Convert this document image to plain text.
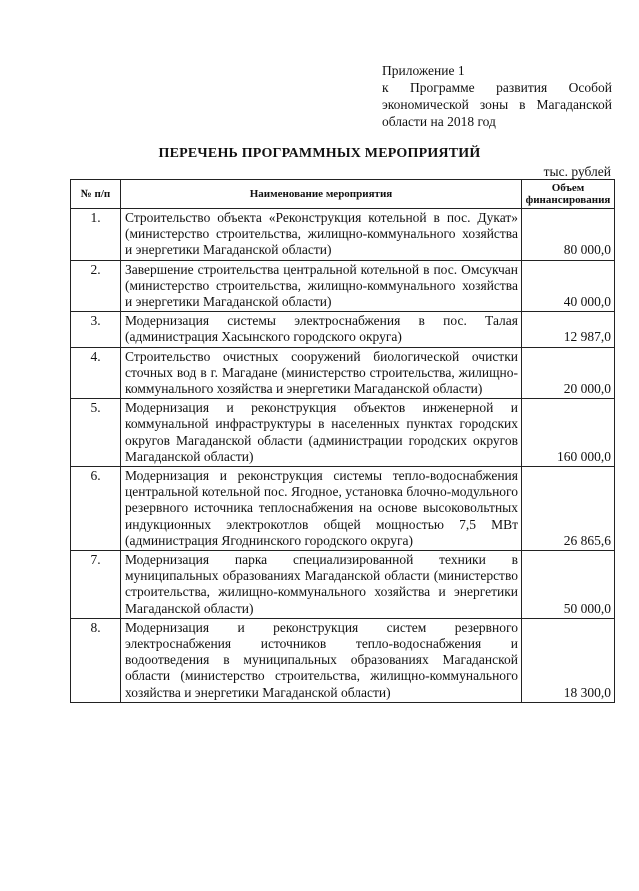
Приложение 1
к Программе развития Особой
экономической зоны в Магаданской
области на 2018 год
ПЕРЕЧЕНЬ ПРОГРАММНЫХ МЕРОПРИЯТИЙ
тыс. рублей
№ п/п	Наименование мероприятия	Объем финансирования
1.	Строительство объекта «Реконструкция котельной в пос. Дукат» (министерство строительства, жилищно-коммунального хозяйства и энергетики Магаданской области)	80 000,0
2.	Завершение строительства центральной котельной в пос. Омсукчан (министерство строительства, жилищно-коммунального хозяйства и энергетики Магаданской области)	40 000,0
3.	Модернизация системы электроснабжения в пос. Талая (администрация Хасынского городского округа)	12 987,0
4.	Строительство очистных сооружений биологической очистки сточных вод в г. Магадане (министерство строительства, жилищно-коммунального хозяйства и энергетики Магаданской области)	20 000,0
5.	Модернизация и реконструкция объектов инженерной и коммунальной инфраструктуры в населенных пунктах городских округов Магаданской области (администрации городских округов Магаданской области)	160 000,0
6.	Модернизация и реконструкция системы тепло-водоснабжения центральной котельной пос. Ягодное, установка блочно-модульного резервного источника теплоснабжения на основе высоковольтных индукционных электрокотлов общей мощностью 7,5 МВт (администрация Ягоднинского городского округа)	26 865,6
7.	Модернизация парка специализированной техники в муниципальных образованиях Магаданской области (министерство строительства, жилищно-коммунального хозяйства и энергетики Магаданской области)	50 000,0
8.	Модернизация и реконструкция систем резервного электроснабжения источников тепло-водоснабжения и водоотведения в муниципальных образованиях Магаданской области (министерство строительства, жилищно-коммунального хозяйства и энергетики Магаданской области)	18 300,0
